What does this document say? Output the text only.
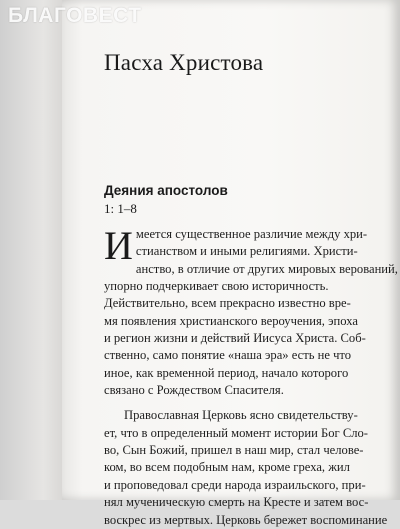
БЛАГОВЕСТ
Пасха Христова
Деяния апостолов
1: 1–8
И меется существенное различие между хри-
стианством и иными религиями. Христи-
анство, в отличие от других мировых верований,
упорно подчеркивает свою историчность.
Действительно, всем прекрасно известно вре-
мя появления христианского вероучения, эпоха
и регион жизни и действий Иисуса Христа. Соб-
ственно, само понятие «наша эра» есть не что
иное, как временной период, начало которого
связано с Рождеством Спасителя.
Православная Церковь ясно свидетельству-
ет, что в определенный момент истории Бог Сло-
во, Сын Божий, пришел в наш мир, стал челове-
ком, во всем подобным нам, кроме греха, жил
и проповедовал среди народа израильского, при-
нял мученическую смерть на Кресте и затем вос-
воскрес из мертвых. Церковь бережет воспоминание
